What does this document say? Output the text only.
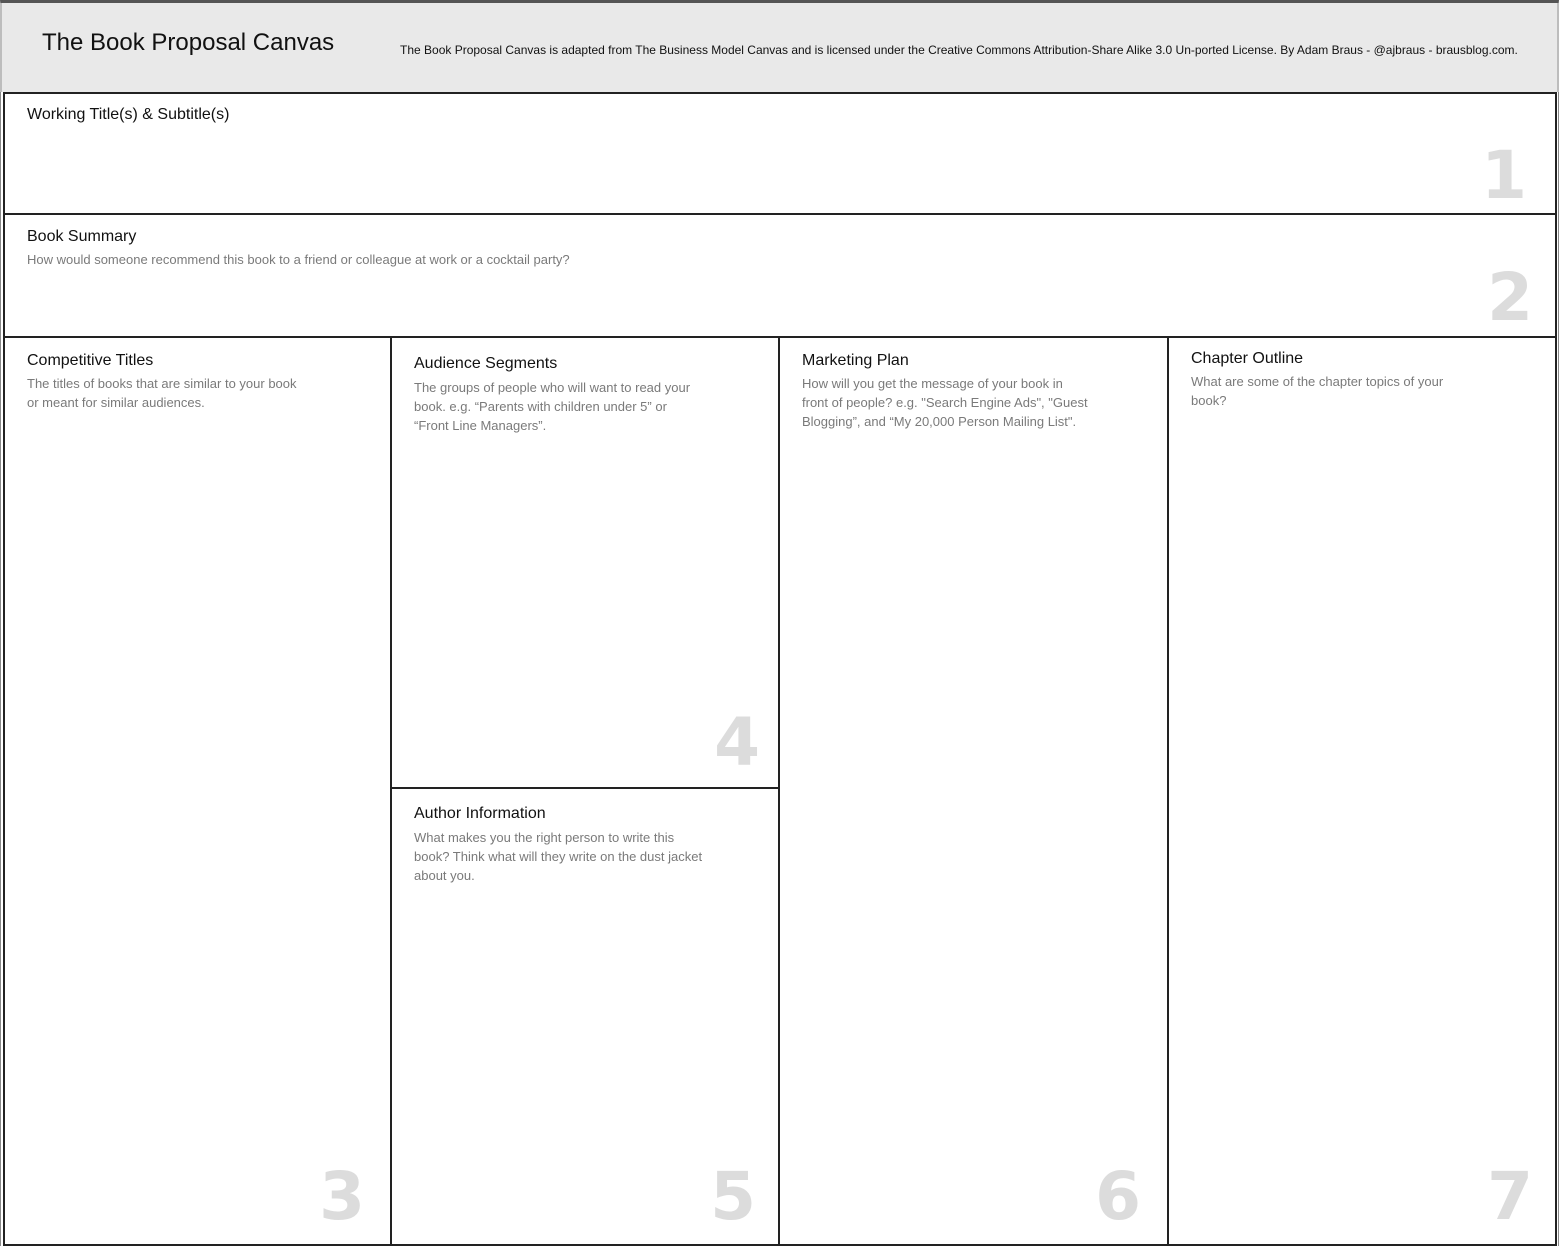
The Book Proposal Canvas	The Book Proposal Canvas is adapted from The Business Model Canvas and is licensed under the Creative Commons Attribution-Share Alike 3.0 Un-ported License. By Adam Braus - @ajbraus - brausblog.com.
Working Title(s) & Subtitle(s)
1
Book Summary
How would someone recommend this book to a friend or colleague at work or a cocktail party?	2
Competitive Titles
The titles of books that are similar to your book or meant for similar audiences.
3
Audience Segments
The groups of people who will want to read your book. e.g. “Parents with children under 5” or “Front Line Managers”.
4
Author Information
What makes you the right person to write this book? Think what will they write on the dust jacket about you.
5
Marketing Plan
How will you get the message of your book in front of people? e.g. "Search Engine Ads", "Guest Blogging”, and “My 20,000 Person Mailing List".
6
Chapter Outline
What are some of the chapter topics of your book?
7
